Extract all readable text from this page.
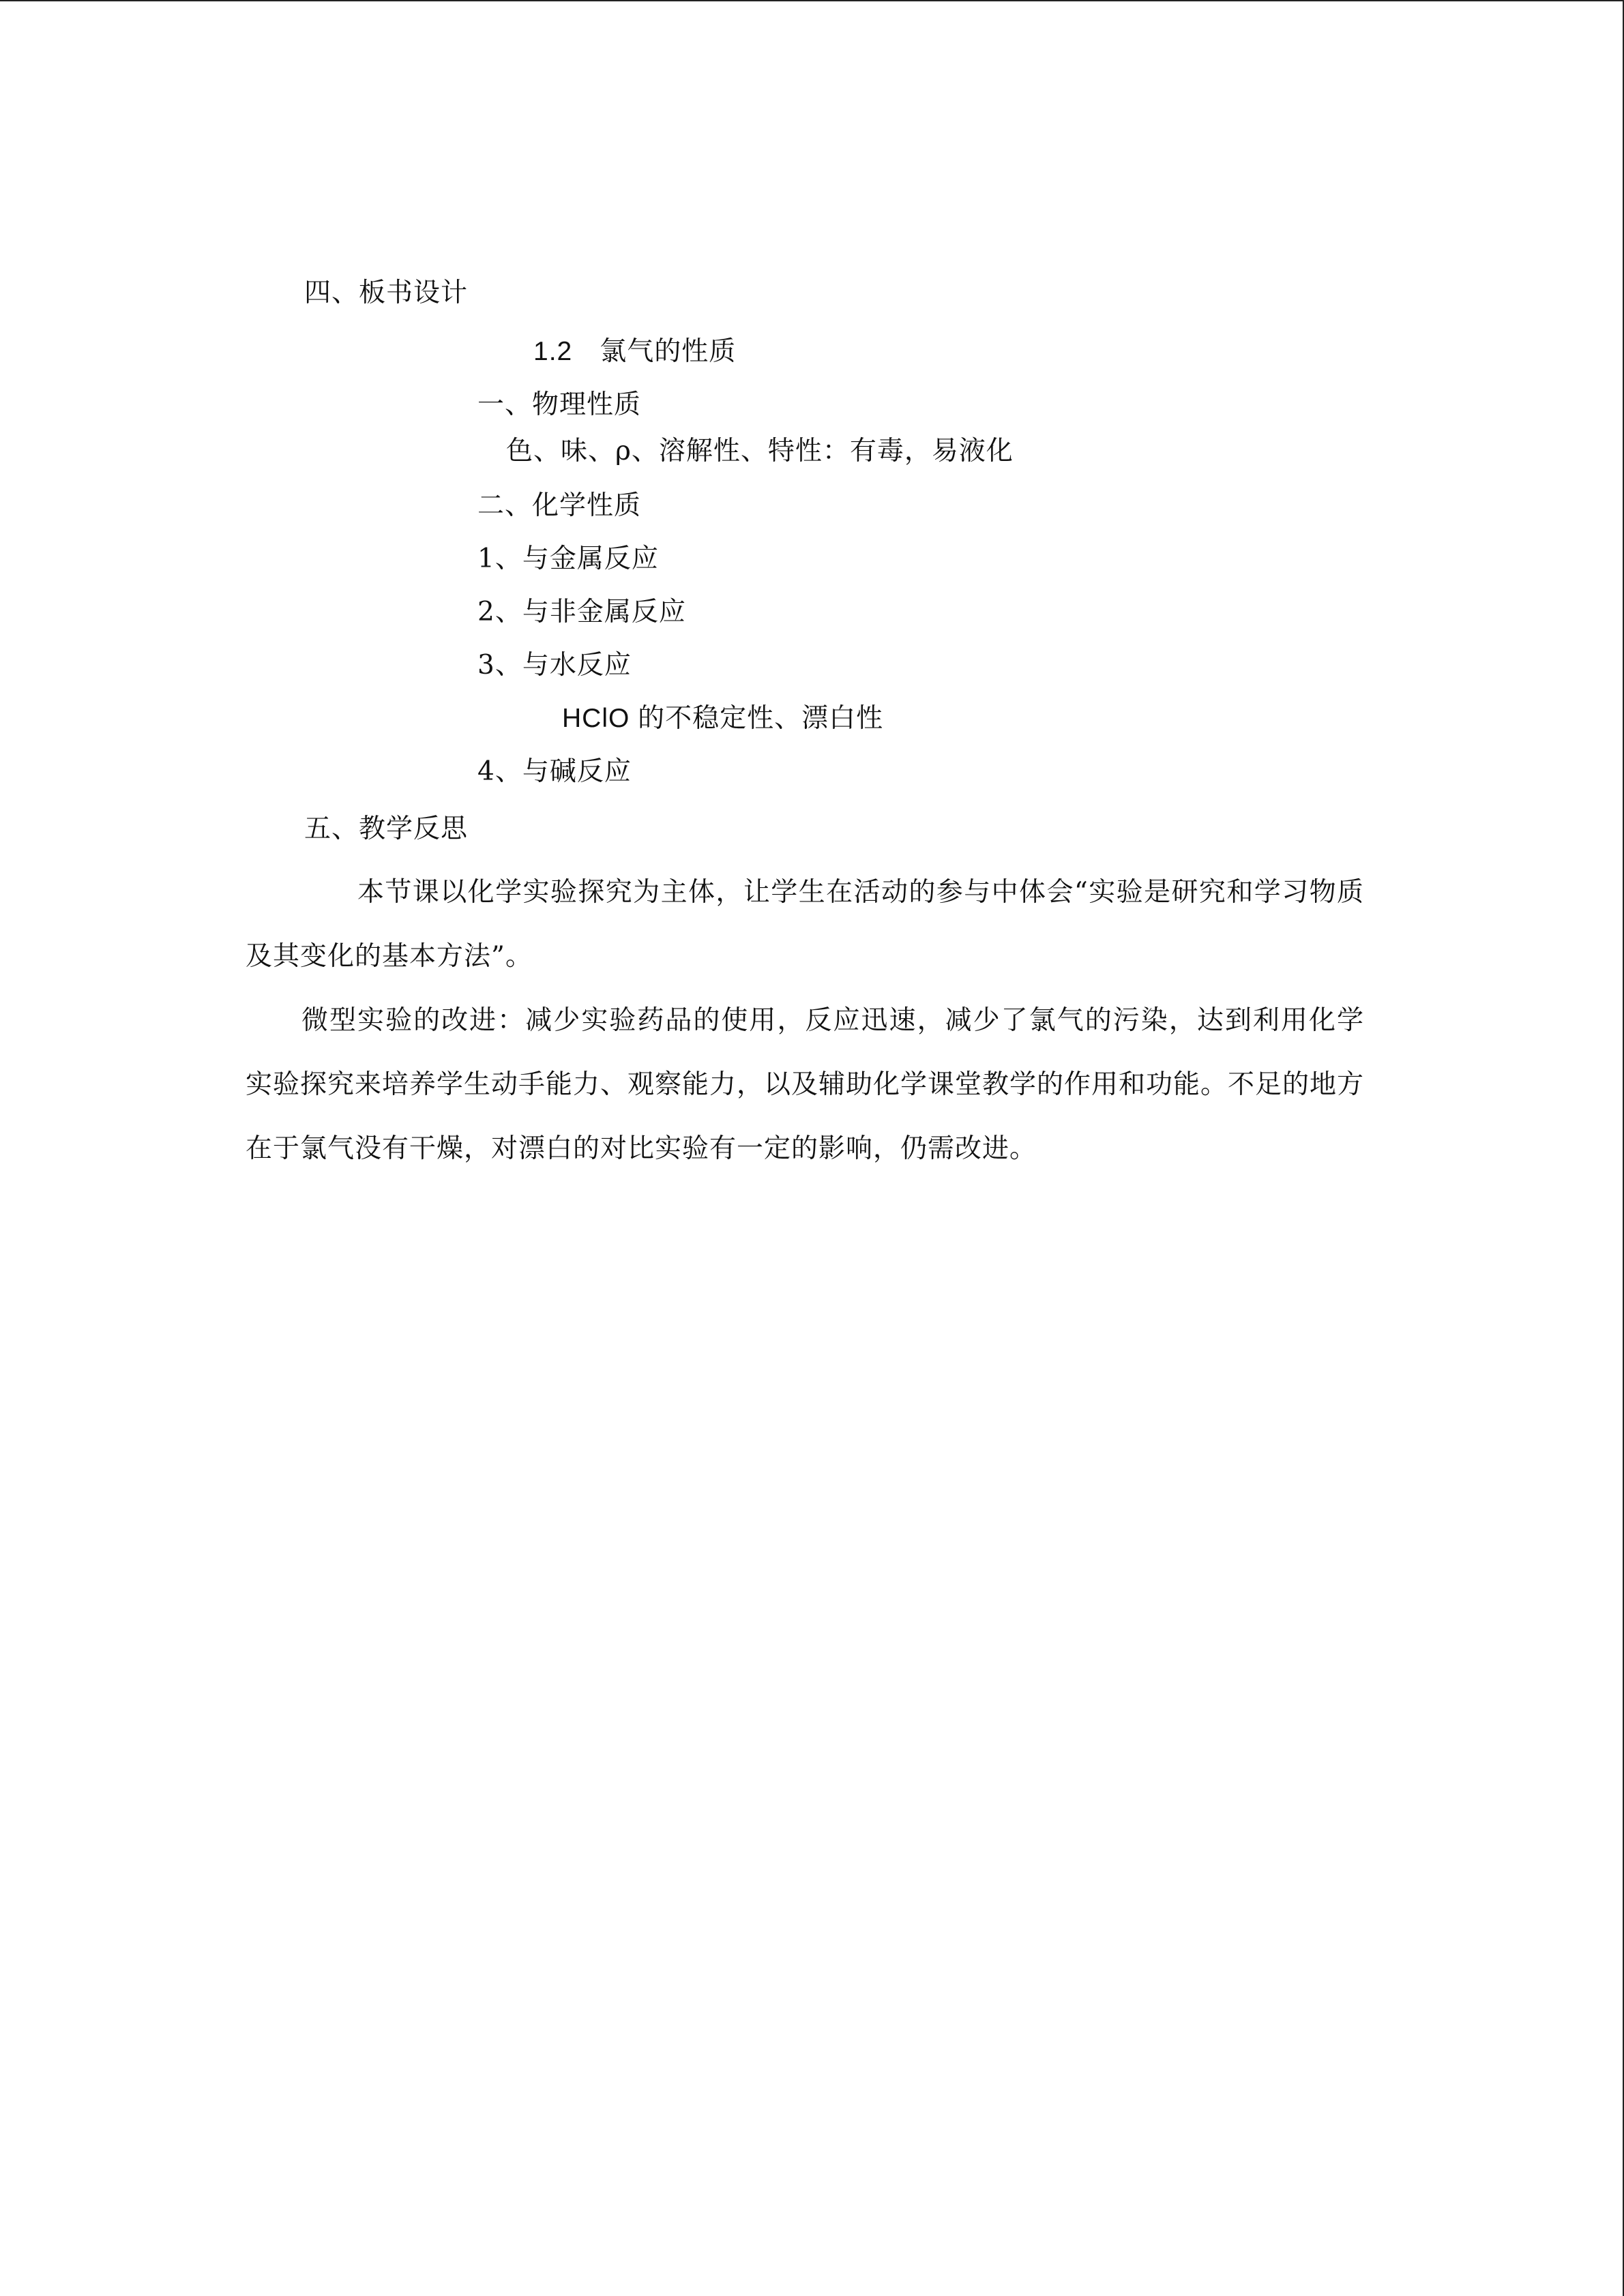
四、板书设计
1.2　氯气的性质
一、物理性质
色、味、ρ、溶解性、特性：有毒，易液化
二、化学性质
1、与金属反应
2、与非金属反应
3、与水反应
HClO 的不稳定性、漂白性
4、与碱反应
五、教学反思
本节课以化学实验探究为主体，让学生在活动的参与中体会“实验是研究和学习物质及其变化的基本方法”。
微型实验的改进：减少实验药品的使用，反应迅速，减少了氯气的污染，达到利用化学实验探究来培养学生动手能力、观察能力，以及辅助化学课堂教学的作用和功能。不足的地方在于氯气没有干燥，对漂白的对比实验有一定的影响，仍需改进。
